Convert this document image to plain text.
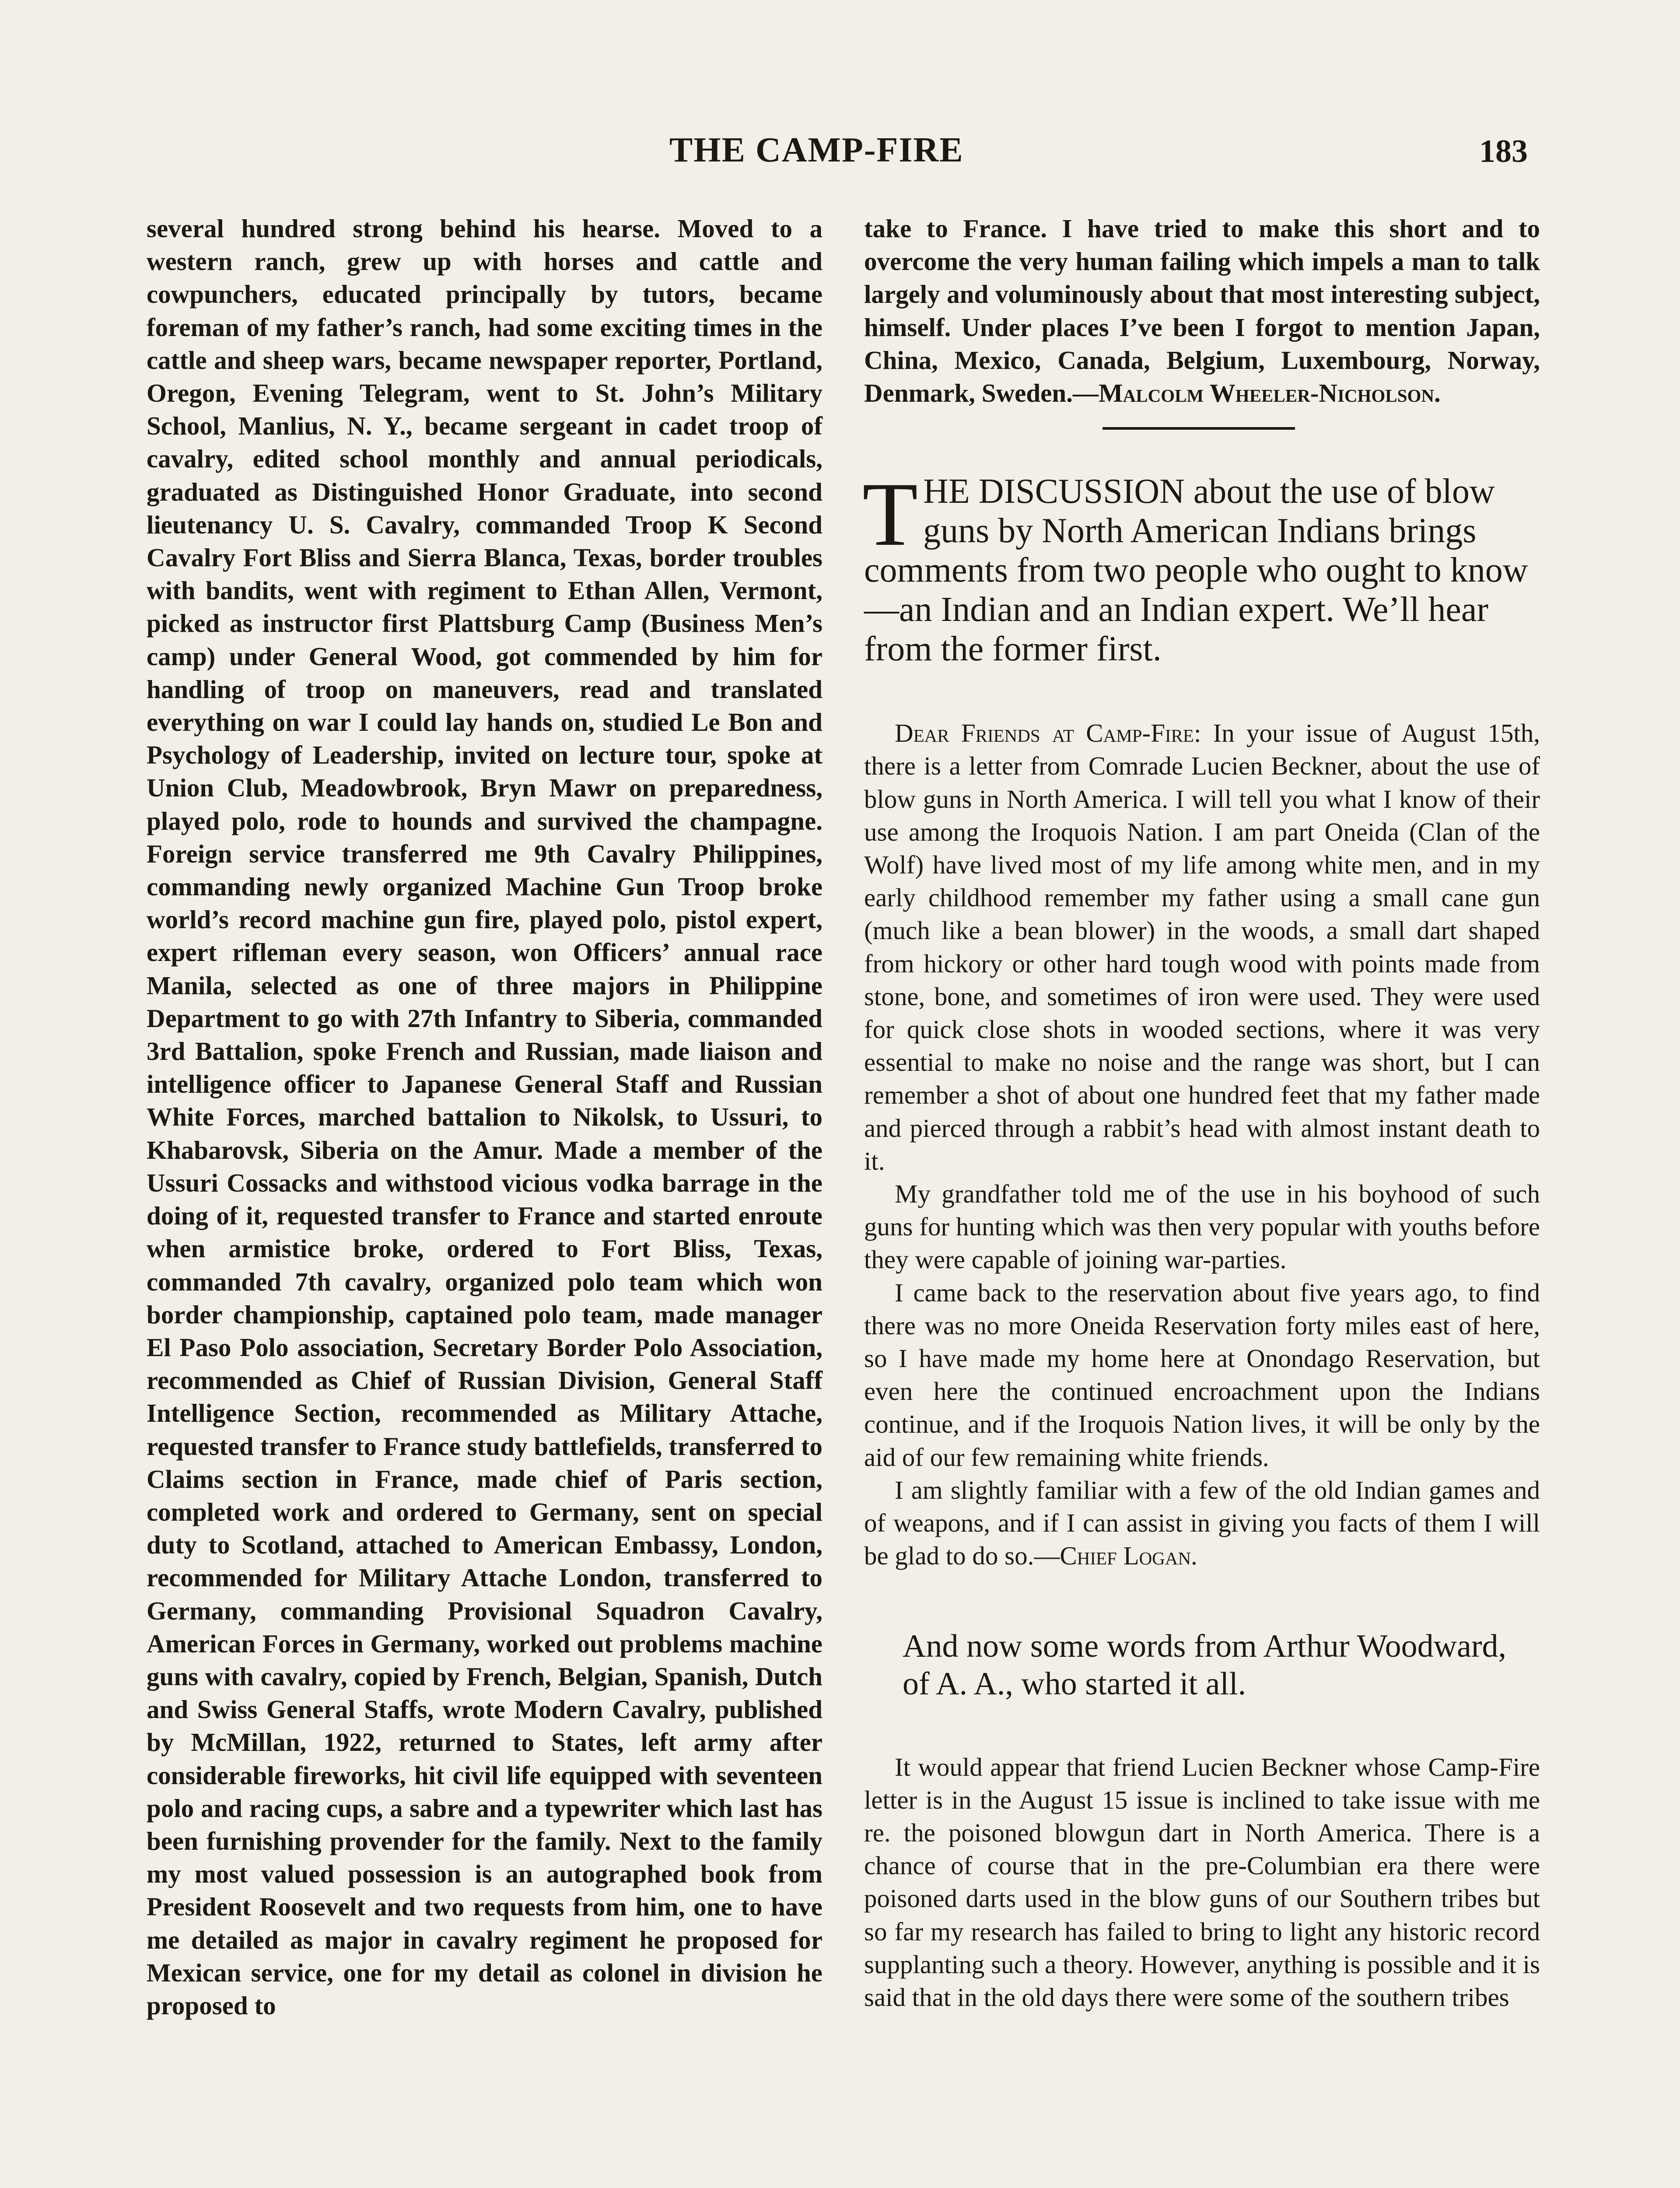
THE CAMP-FIRE	183

several hundred strong behind his hearse. Moved to a western ranch, grew up with horses and cattle and cowpunchers, educated principally by tutors, became foreman of my father’s ranch, had some exciting times in the cattle and sheep wars, became newspaper reporter, Portland, Oregon, Evening Telegram, went to St. John’s Military School, Manlius, N. Y., became sergeant in cadet troop of cavalry, edited school monthly and annual periodicals, graduated as Distinguished Honor Graduate, into second lieutenancy U. S. Cavalry, commanded Troop K Second Cavalry Fort Bliss and Sierra Blanca, Texas, border troubles with bandits, went with regiment to Ethan Allen, Vermont, picked as instructor first Plattsburg Camp (Business Men’s camp) under General Wood, got commended by him for handling of troop on maneuvers, read and translated everything on war I could lay hands on, studied Le Bon and Psychology of Leadership, invited on lecture tour, spoke at Union Club, Meadowbrook, Bryn Mawr on preparedness, played polo, rode to hounds and survived the champagne. Foreign service transferred me 9th Cavalry Philippines, commanding newly organized Machine Gun Troop broke world’s record machine gun fire, played polo, pistol expert, expert rifleman every season, won Officers’ annual race Manila, selected as one of three majors in Philippine Department to go with 27th Infantry to Siberia, commanded 3rd Battalion, spoke French and Russian, made liaison and intelligence officer to Japanese General Staff and Russian White Forces, marched battalion to Nikolsk, to Ussuri, to Khabarovsk, Siberia on the Amur. Made a member of the Ussuri Cossacks and withstood vicious vodka barrage in the doing of it, requested transfer to France and started enroute when armistice broke, ordered to Fort Bliss, Texas, commanded 7th cavalry, organized polo team which won border championship, captained polo team, made manager El Paso Polo association, Secretary Border Polo Association, recommended as Chief of Russian Division, General Staff Intelligence Section, recommended as Military Attache, requested transfer to France study battlefields, transferred to Claims section in France, made chief of Paris section, completed work and ordered to Germany, sent on special duty to Scotland, attached to American Embassy, London, recommended for Military Attache London, transferred to Germany, commanding Provisional Squadron Cavalry, American Forces in Germany, worked out problems machine guns with cavalry, copied by French, Belgian, Spanish, Dutch and Swiss General Staffs, wrote Modern Cavalry, published by McMillan, 1922, returned to States, left army after considerable fireworks, hit civil life equipped with seventeen polo and racing cups, a sabre and a typewriter which last has been furnishing provender for the family. Next to the family my most valued possession is an autographed book from President Roosevelt and two requests from him, one to have me detailed as major in cavalry regiment he proposed for Mexican service, one for my detail as colonel in division he proposed to

take to France. I have tried to make this short and to overcome the very human failing which impels a man to talk largely and voluminously about that most interesting subject, himself. Under places I’ve been I forgot to mention Japan, China, Mexico, Canada, Belgium, Luxembourg, Norway, Denmark, Sweden.—Malcolm Wheeler-Nicholson.

THE DISCUSSION about the use of blow guns by North American Indians brings comments from two people who ought to know—an Indian and an Indian expert. We’ll hear from the former first.

Dear Friends at Camp-Fire: In your issue of August 15th, there is a letter from Comrade Lucien Beckner, about the use of blow guns in North America. I will tell you what I know of their use among the Iroquois Nation. I am part Oneida (Clan of the Wolf) have lived most of my life among white men, and in my early childhood remember my father using a small cane gun (much like a bean blower) in the woods, a small dart shaped from hickory or other hard tough wood with points made from stone, bone, and sometimes of iron were used. They were used for quick close shots in wooded sections, where it was very essential to make no noise and the range was short, but I can remember a shot of about one hundred feet that my father made and pierced through a rabbit’s head with almost instant death to it.

My grandfather told me of the use in his boyhood of such guns for hunting which was then very popular with youths before they were capable of joining war-parties.

I came back to the reservation about five years ago, to find there was no more Oneida Reservation forty miles east of here, so I have made my home here at Onondago Reservation, but even here the continued encroachment upon the Indians continue, and if the Iroquois Nation lives, it will be only by the aid of our few remaining white friends.

I am slightly familiar with a few of the old Indian games and of weapons, and if I can assist in giving you facts of them I will be glad to do so.—Chief Logan.

And now some words from Arthur Woodward, of A. A., who started it all.

It would appear that friend Lucien Beckner whose Camp-Fire letter is in the August 15 issue is inclined to take issue with me re. the poisoned blowgun dart in North America. There is a chance of course that in the pre-Columbian era there were poisoned darts used in the blow guns of our Southern tribes but so far my research has failed to bring to light any historic record supplanting such a theory. However, anything is possible and it is said that in the old days there were some of the southern tribes
